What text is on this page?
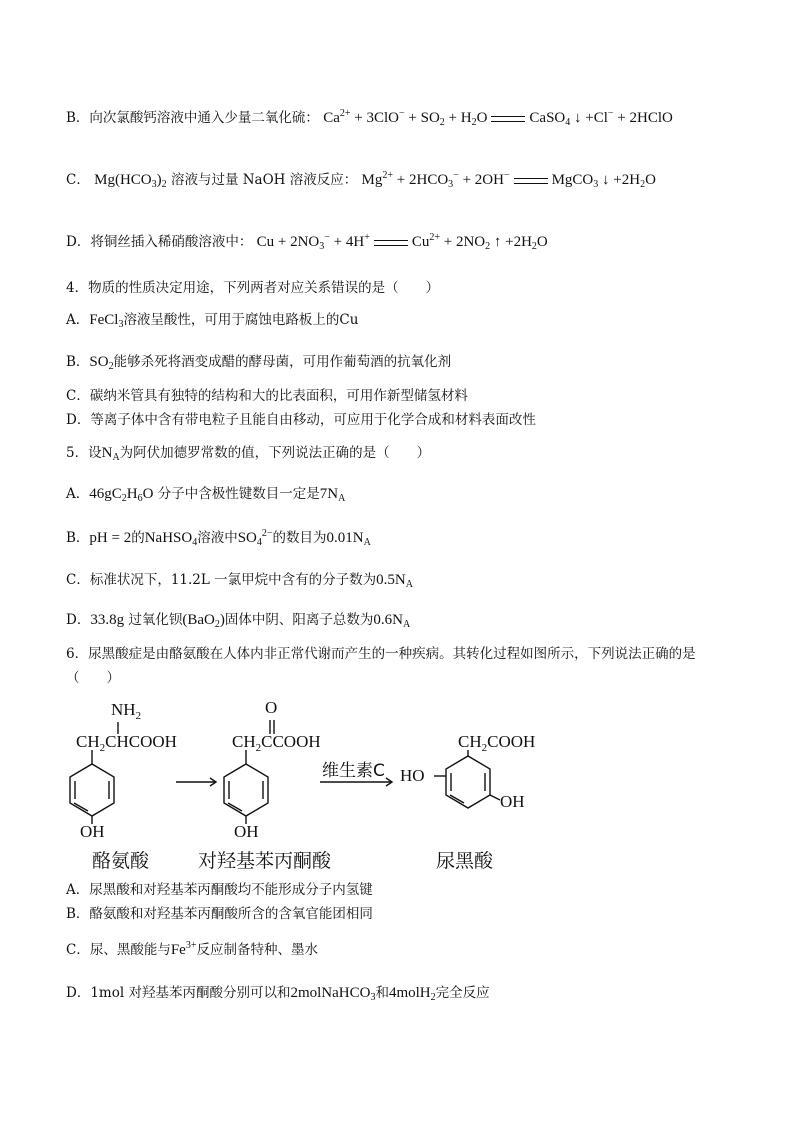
B．向次氯酸钙溶液中通入少量二氧化硫： $Ca^{2+} + 3ClO^- + SO_2 + H_2O$	CaSO$_4$ ↓ +Cl− + 2HClO
C． $Mg(HCO_3)_2$ 溶液与过量 NaOH 溶液反应： $Mg^{2+} + 2HCO_3^- + 2OH^-$	MgCO$_3$ ↓ $+2H_2O$
D．将铜丝插入稀硝酸溶液中： $Cu + 2NO_3^- + 4H^+$	$Cu^{2+} + 2NO_2$ ↑ $+2H_2O$
4．物质的性质决定用途，下列两者对应关系错误的是（　　）
A．FeCl$_3$溶液呈酸性，可用于腐蚀电路板上的Cu
B．$SO_2$能够杀死将酒变成醋的酵母菌，可用作葡萄酒的抗氧化剂
C．碳纳米管具有独特的结构和大的比表面积，可用作新型储氢材料
D．等离子体中含有带电粒子且能自由移动，可应用于化学合成和材料表面改性
5．设$N_A$为阿伏加德罗常数的值，下列说法正确的是（　　）
A．$46gC_2H_6O$ 分子中含极性键数目一定是$7N_A$
B．pH = 2的NaHSO$_4$溶液中$SO_4^{2-}$的数目为$0.01N_A$
C．标准状况下，11.2L 一氯甲烷中含有的分子数为$0.5N_A$
D．33.8g 过氧化钡(BaO$_2$)固体中阴、阳离子总数为$0.6N_A$
6．尿黑酸症是由酪氨酸在人体内非正常代谢而产生的一种疾病。其转化过程如图所示，下列说法正确的是
（　　）
$NH_2$
$CH_2CHCOOH$
OH
O
$CH_2CCOOH$
OH
$CH_2COOH$
HO
OH
维生素C
酪氨酸	对羟基苯丙酮酸	尿黑酸
A．尿黑酸和对羟基苯丙酮酸均不能形成分子内氢键
B．酪氨酸和对羟基苯丙酮酸所含的含氧官能团相同
C．尿、黑酸能与$Fe^{3+}$反应制备特种、墨水
D．1mol 对羟基苯丙酮酸分别可以和2molNaHCO$_3$和4molH$_2$完全反应
